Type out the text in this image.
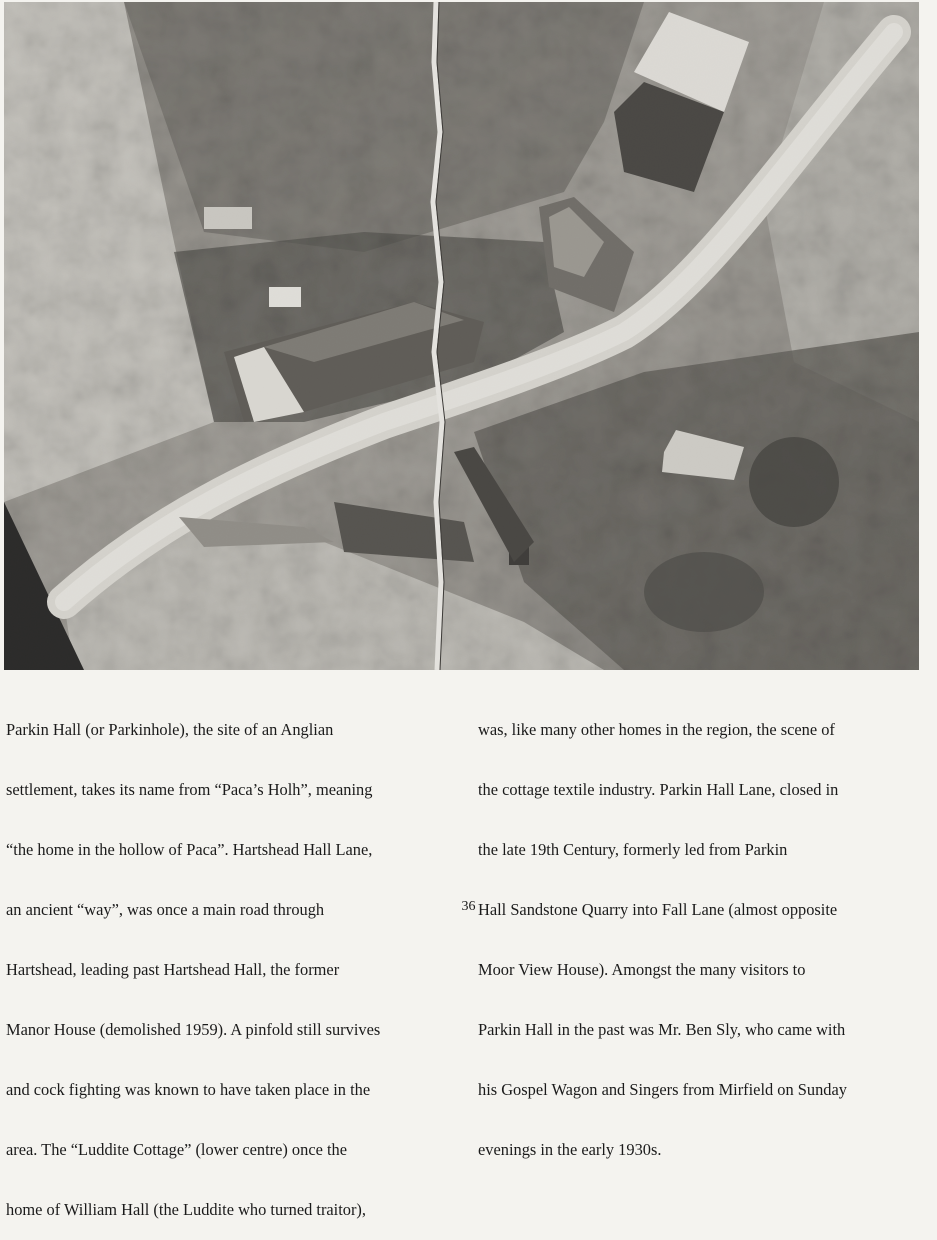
Parkin Hall (or Parkinhole), the site of an Anglian

settlement, takes its name from “Paca’s Holh”, meaning

“the home in the hollow of Paca”. Hartshead Hall Lane,

an ancient “way”, was once a main road through

Hartshead, leading past Hartshead Hall, the former

Manor House (demolished 1959). A pinfold still survives

and cock fighting was known to have taken place in the

area. The “Luddite Cottage” (lower centre) once the

home of William Hall (the Luddite who turned traitor),

was, like many other homes in the region, the scene of

the cottage textile industry. Parkin Hall Lane, closed in

the late 19th Century, formerly led from Parkin

Hall Sandstone Quarry into Fall Lane (almost opposite

Moor View House). Amongst the many visitors to

Parkin Hall in the past was Mr. Ben Sly, who came with

his Gospel Wagon and Singers from Mirfield on Sunday

evenings in the early 1930s.

36
